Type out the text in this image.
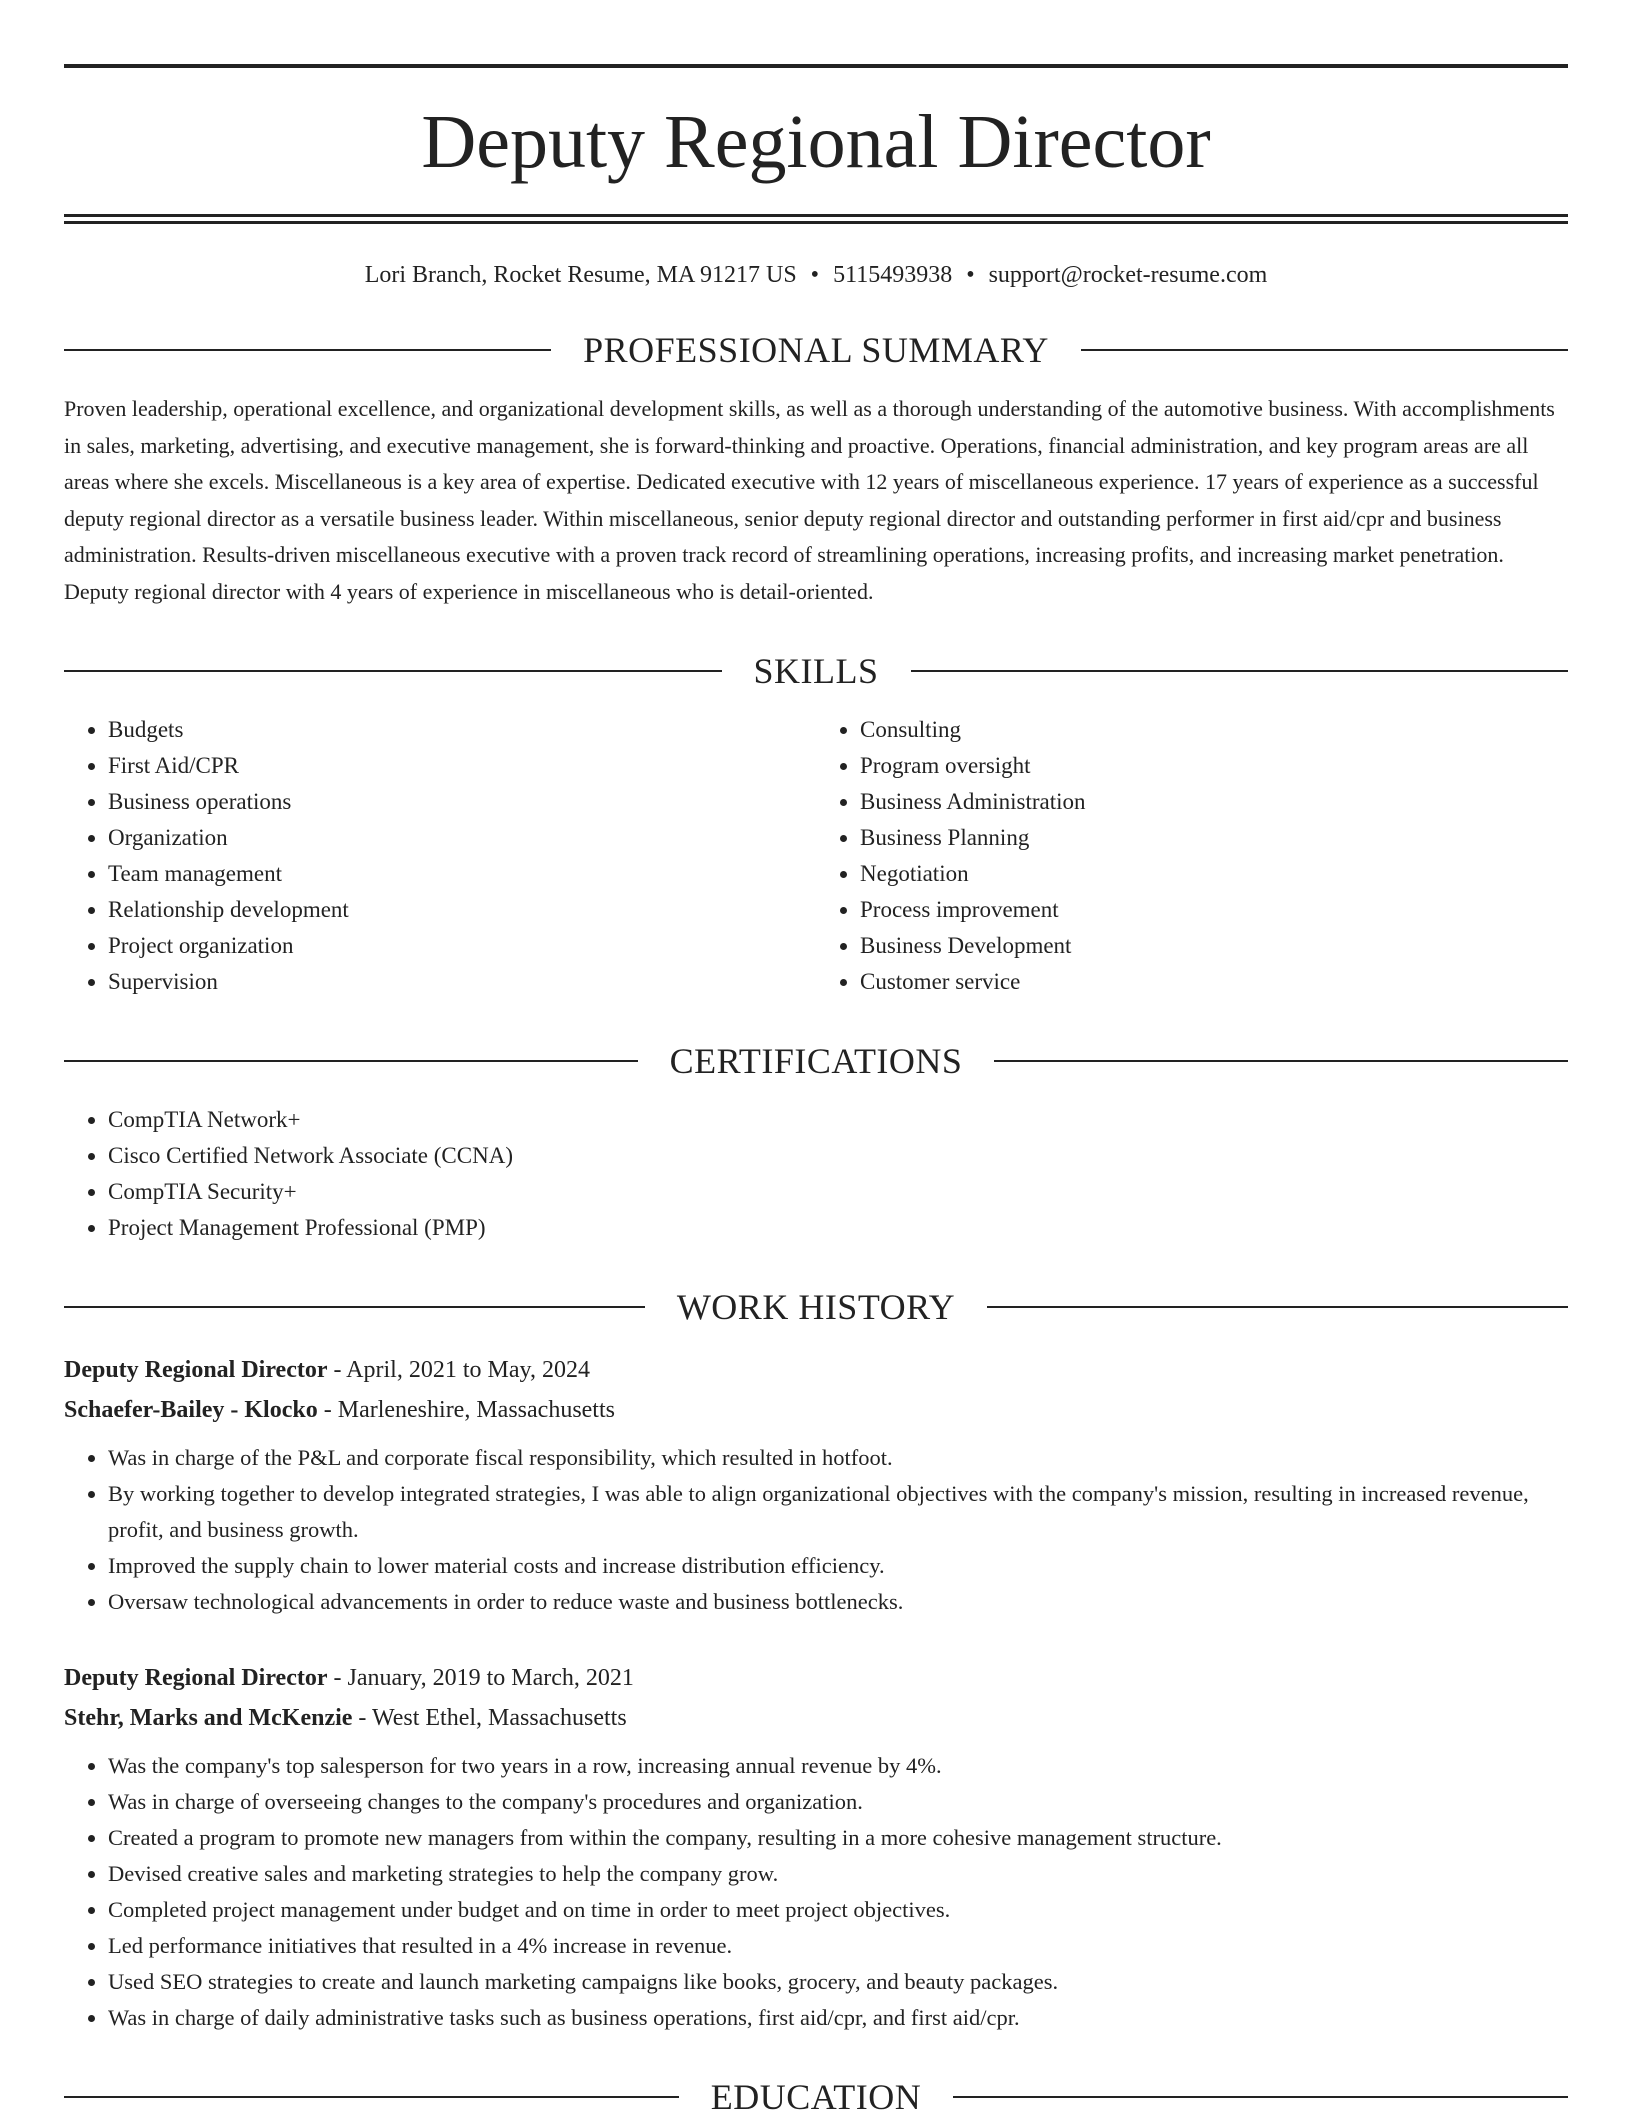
Deputy Regional Director
Lori Branch, Rocket Resume, MA 91217 US • 5115493938 • support@rocket-resume.com
PROFESSIONAL SUMMARY
Proven leadership, operational excellence, and organizational development skills, as well as a thorough understanding of the automotive business. With accomplishments in sales, marketing, advertising, and executive management, she is forward-thinking and proactive. Operations, financial administration, and key program areas are all areas where she excels. Miscellaneous is a key area of expertise. Dedicated executive with 12 years of miscellaneous experience. 17 years of experience as a successful deputy regional director as a versatile business leader. Within miscellaneous, senior deputy regional director and outstanding performer in first aid/cpr and business administration. Results-driven miscellaneous executive with a proven track record of streamlining operations, increasing profits, and increasing market penetration. Deputy regional director with 4 years of experience in miscellaneous who is detail-oriented.
SKILLS
• Budgets
• First Aid/CPR
• Business operations
• Organization
• Team management
• Relationship development
• Project organization
• Supervision
• Consulting
• Program oversight
• Business Administration
• Business Planning
• Negotiation
• Process improvement
• Business Development
• Customer service
CERTIFICATIONS
• CompTIA Network+
• Cisco Certified Network Associate (CCNA)
• CompTIA Security+
• Project Management Professional (PMP)
WORK HISTORY
Deputy Regional Director - April, 2021 to May, 2024
Schaefer-Bailey - Klocko - Marleneshire, Massachusetts
• Was in charge of the P&L and corporate fiscal responsibility, which resulted in hotfoot.
• By working together to develop integrated strategies, I was able to align organizational objectives with the company's mission, resulting in increased revenue, profit, and business growth.
• Improved the supply chain to lower material costs and increase distribution efficiency.
• Oversaw technological advancements in order to reduce waste and business bottlenecks.
Deputy Regional Director - January, 2019 to March, 2021
Stehr, Marks and McKenzie - West Ethel, Massachusetts
• Was the company's top salesperson for two years in a row, increasing annual revenue by 4%.
• Was in charge of overseeing changes to the company's procedures and organization.
• Created a program to promote new managers from within the company, resulting in a more cohesive management structure.
• Devised creative sales and marketing strategies to help the company grow.
• Completed project management under budget and on time in order to meet project objectives.
• Led performance initiatives that resulted in a 4% increase in revenue.
• Used SEO strategies to create and launch marketing campaigns like books, grocery, and beauty packages.
• Was in charge of daily administrative tasks such as business operations, first aid/cpr, and first aid/cpr.
EDUCATION
